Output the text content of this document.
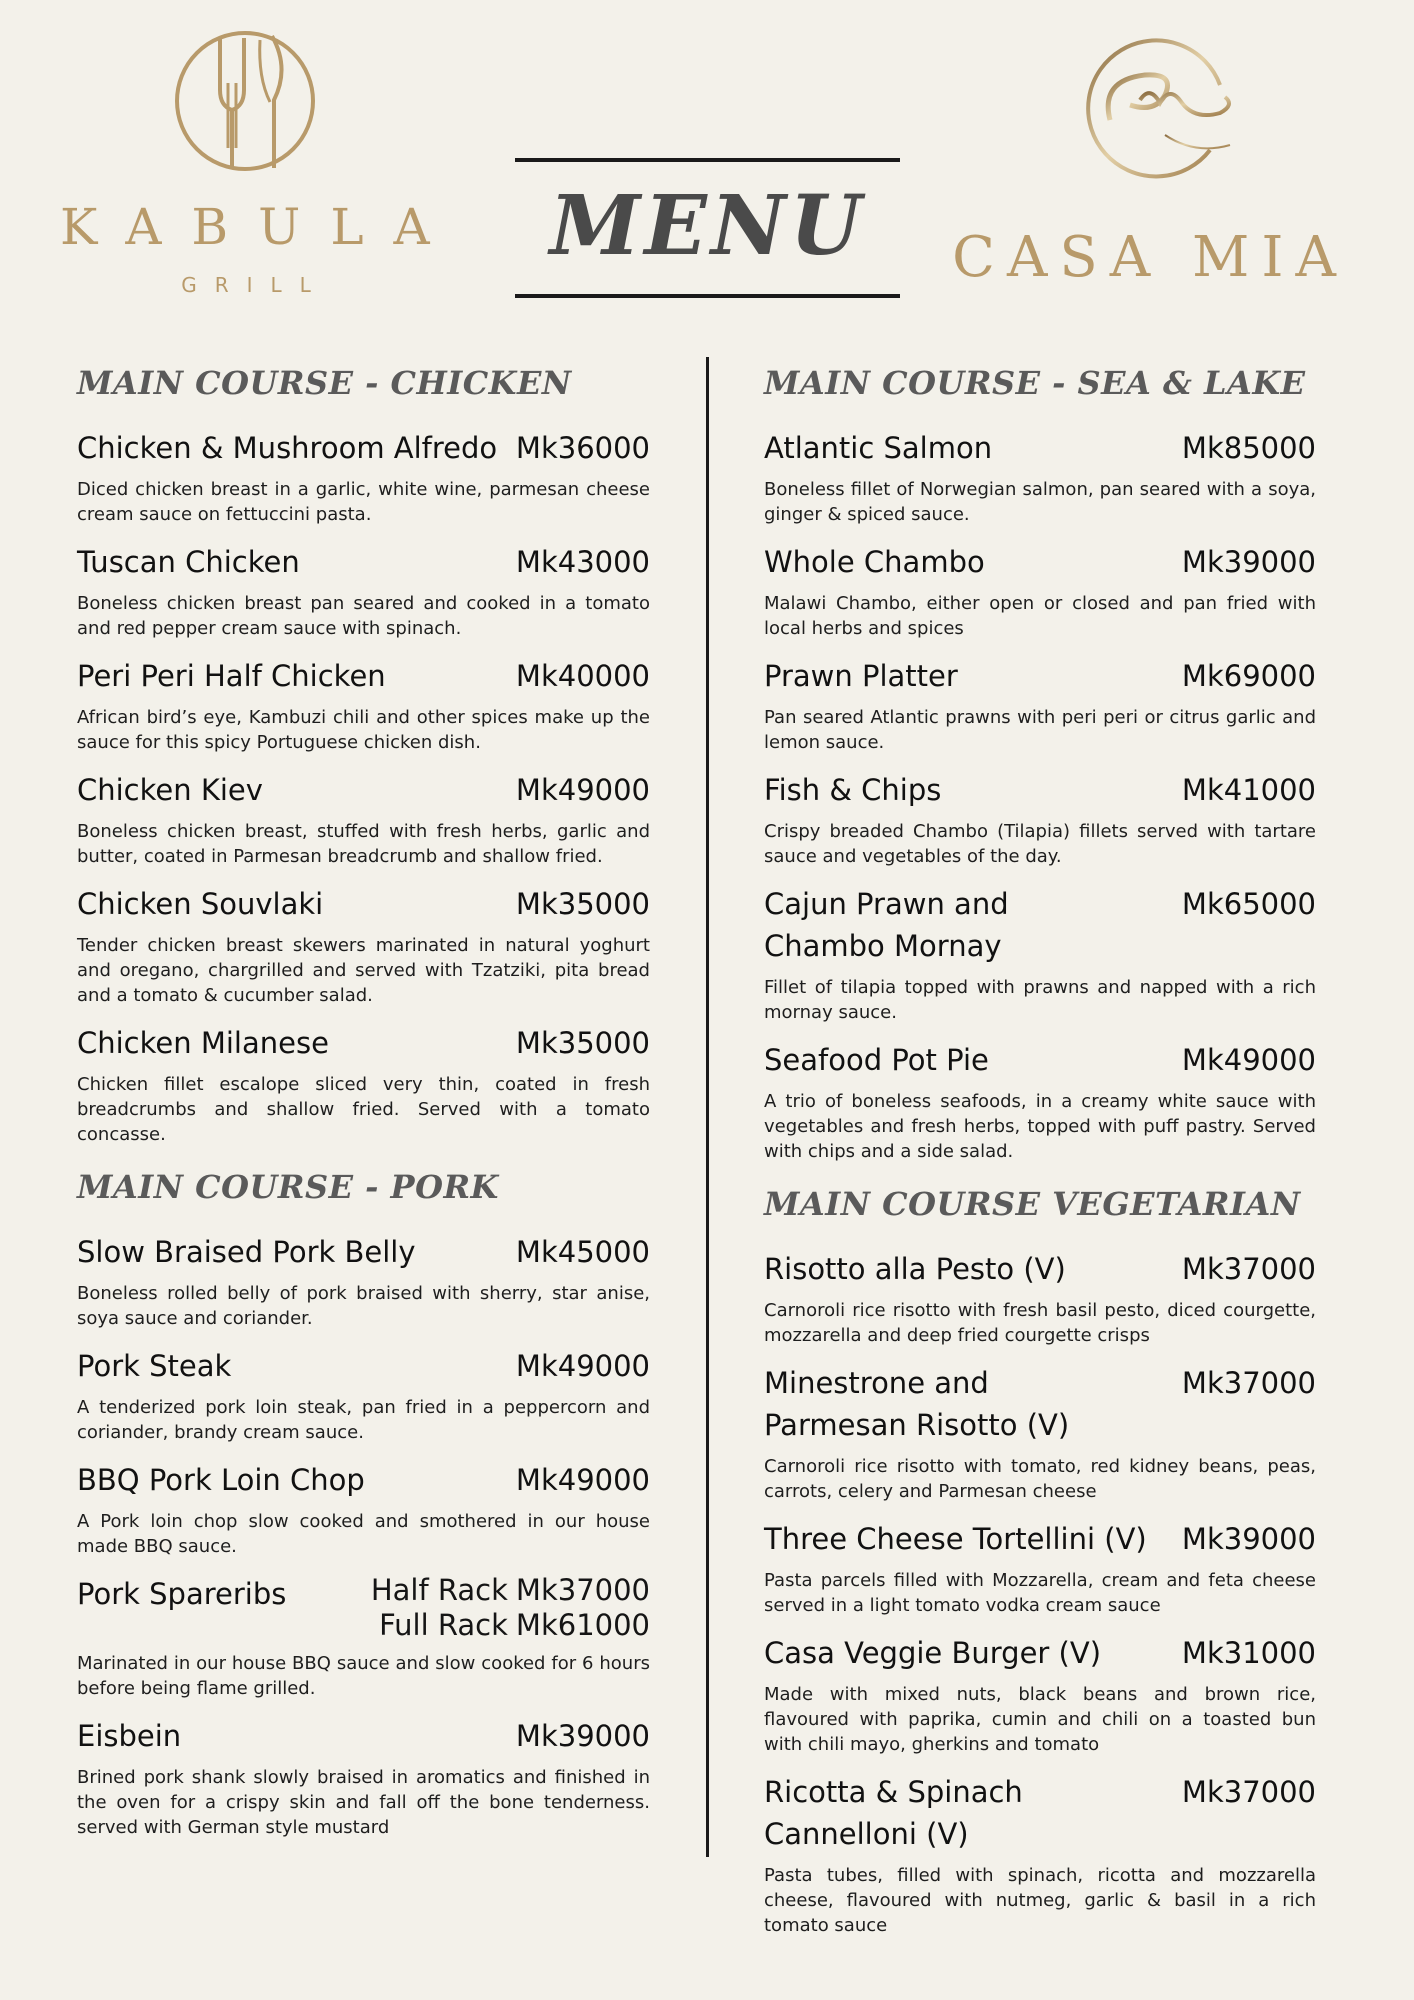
KABULA
GRILL
MENU	CASA MIA
MAIN COURSE - CHICKEN
Chicken & Mushroom Alfredo Mk36000
Diced chicken breast in a garlic, white wine, parmesan cheese cream sauce on fettuccini pasta.
Tuscan Chicken	Mk43000
Boneless chicken breast pan seared and cooked in a tomato and red pepper cream sauce with spinach.
Peri Peri Half Chicken	Mk40000
African bird’s eye, Kambuzi chili and other spices make up the sauce for this spicy Portuguese chicken dish.
Chicken Kiev	Mk49000
Boneless chicken breast, stuffed with fresh herbs, garlic and butter, coated in Parmesan breadcrumb and shallow fried.
Chicken Souvlaki	Mk35000
Tender chicken breast skewers marinated in natural yoghurt and oregano, chargrilled and served with Tzatziki, pita bread and a tomato & cucumber salad.
Chicken Milanese	Mk35000
Chicken fillet escalope sliced very thin, coated in fresh breadcrumbs and shallow fried. Served with a tomato concasse.
MAIN COURSE - PORK
Slow Braised Pork Belly	Mk45000
Boneless rolled belly of pork braised with sherry, star anise, soya sauce and coriander.
Pork Steak	Mk49000
A tenderized pork loin steak, pan fried in a peppercorn and coriander, brandy cream sauce.
BBQ Pork Loin Chop	Mk49000
A Pork loin chop slow cooked and smothered in our house made BBQ sauce.
Pork Spareribs	Half Rack Mk37000
Full Rack Mk61000
Marinated in our house BBQ sauce and slow cooked for 6 hours before being flame grilled.
Eisbein	Mk39000
Brined pork shank slowly braised in aromatics and finished in the oven for a crispy skin and fall off the bone tenderness. served with German style mustard
MAIN COURSE - SEA & LAKE
Atlantic Salmon	Mk85000
Boneless fillet of Norwegian salmon, pan seared with a soya, ginger & spiced sauce.
Whole Chambo	Mk39000
Malawi Chambo, either open or closed and pan fried with local herbs and spices
Prawn Platter	Mk69000
Pan seared Atlantic prawns with peri peri or citrus garlic and lemon sauce.
Fish & Chips	Mk41000
Crispy breaded Chambo (Tilapia) fillets served with tartare sauce and vegetables of the day.
Cajun Prawn and Chambo Mornay
Mk65000
Fillet of tilapia topped with prawns and napped with a rich mornay sauce.
Seafood Pot Pie	Mk49000
A trio of boneless seafoods, in a creamy white sauce with vegetables and fresh herbs, topped with puff pastry. Served with chips and a side salad.
MAIN COURSE VEGETARIAN
Risotto alla Pesto (V)	Mk37000
Carnoroli rice risotto with fresh basil pesto, diced courgette, mozzarella and deep fried courgette crisps
Minestrone and Parmesan Risotto (V)
Mk37000
Carnoroli rice risotto with tomato, red kidney beans, peas, carrots, celery and Parmesan cheese
Three Cheese Tortellini (V) Mk39000
Pasta parcels filled with Mozzarella, cream and feta cheese served in a light tomato vodka cream sauce
Casa Veggie Burger (V)	Mk31000
Made with mixed nuts, black beans and brown rice, flavoured with paprika, cumin and chili on a toasted bun with chili mayo, gherkins and tomato
Ricotta & Spinach Cannelloni (V)
Mk37000
Pasta tubes, filled with spinach, ricotta and mozzarella cheese, flavoured with nutmeg, garlic & basil in a rich tomato sauce
